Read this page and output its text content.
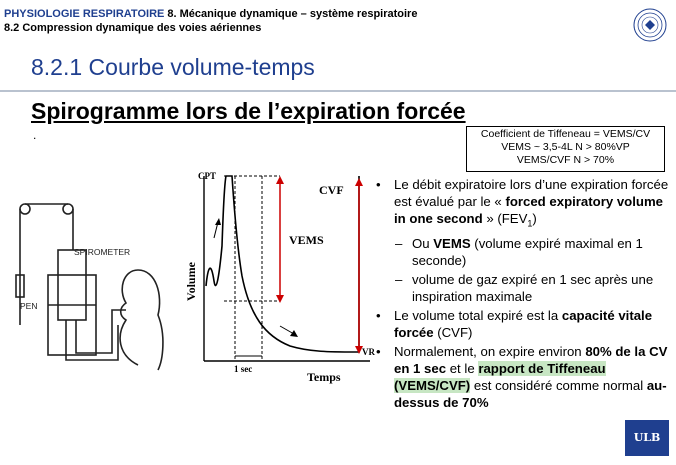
PHYSIOLOGIE RESPIRATOIRE 8. Mécanique dynamique – système respiratoire
8.2 Compression dynamique des voies aériennes
8.2.1 Courbe volume-temps
Spirogramme lors de l’expiration forcée
.	Coefficient de Tiffeneau = VEMS/CV
VEMS ~ 3,5-4L N > 80%VP
VEMS/CVF N > 70%
SPIROMETER
PEN
CPT
CVF
VEMS
1 sec
VR
Temps
Volume
• Le débit expiratoire lors d’une expiration forcée est évalué par le « forced expiratory volume in one second » $(FEV_1)$
– Ou VEMS (volume expiré maximal en 1 seconde)
– volume de gaz expiré en 1 sec après une inspiration maximale
• Le volume total expiré est la capacité vitale forcée (CVF)
• Normalement, on expire environ 80% de la CV en 1 sec et le rapport de Tiffeneau (VEMS/CVF) est considéré comme normal au-dessus de 70%
ULB
